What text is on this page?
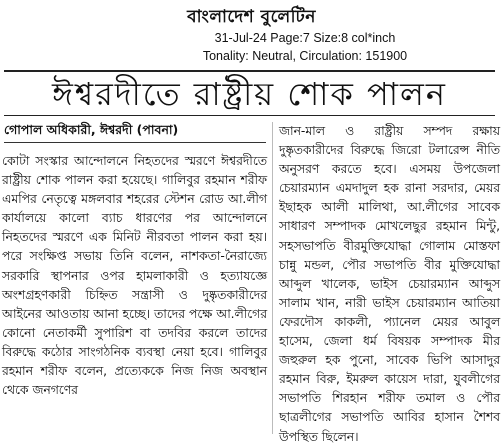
বাংলাদেশ বুলেটিন
31-Jul-24 Page:7 Size:8 col*inch
Tonality: Neutral, Circulation: 151900
ঈশ্বরদীতে রাষ্ট্রীয় শোক পালন
গোপাল অধিকারী, ঈশ্বরদী (পাবনা)

কোটা সংস্কার আন্দোলনে নিহতদের স্মরণে ঈশ্বরদীতে রাষ্ট্রীয় শোক পালন করা হয়েছে। গালিবুর রহমান শরীফ এমপির নেতৃত্বে মঙ্গলবার শহরের স্টেশন রোড আ.লীগ কার্যালয়ে কালো ব্যাচ ধারণের পর আন্দোলনে নিহতদের স্মরণে এক মিনিট নীরবতা পালন করা হয়। পরে সংক্ষিপ্ত সভায় তিনি বলেন, নাশকতা-নৈরাজ্যে সরকারি স্থাপনার ওপর হামলাকারী ও হত্যাযজ্ঞে অংশগ্রহণকারী চিহ্নিত সন্ত্রাসী ও দুষ্কৃতকারীদের আইনের আওতায় আনা হচ্ছে। তাদের পক্ষে আ.লীগের কোনো নেতাকর্মী সুপারিশ বা তদবির করলে তাদের বিরুদ্ধে কঠোর সাংগঠনিক ব্যবস্থা নেয়া হবে। গালিবুর রহমান শরীফ বলেন, প্রত্যেককে নিজ নিজ অবস্থান থেকে জনগণের

জান-মাল ও রাষ্ট্রীয় সম্পদ রক্ষায় দুষ্কৃতকারীদের বিরুদ্ধে জিরো টলারেন্স নীতি অনুসরণ করতে হবে। এসময় উপজেলা চেয়ারম্যান এমদাদুল হক রানা সরদার, মেয়র ইছাহক আলী মালিথা, আ.লীগের সাবেক সাধারণ সম্পাদক মোখলেছুর রহমান মিন্টু, সহসভাপতি বীরমুক্তিযোদ্ধা গোলাম মোস্তফা চান্নু মন্ডল, পৌর সভাপতি বীর মুক্তিযোদ্ধা আব্দুল খালেক, ভাইস চেয়ারম্যান আব্দুস সালাম খান, নারী ভাইস চেয়ারম্যান আতিয়া ফেরদৌস কাকলী, প্যানেল মেয়র আবুল হাসেম, জেলা ধর্ম বিষয়ক সম্পাদক মীর জহুরুল হক পুনো, সাবেক ভিপি আসাদুর রহমান বিরু, ইমরুল কায়েস দারা, যুবলীগের সভাপতি শিরহান শরীফ তমাল ও পৌর ছাত্রলীগের সভাপতি আবির হাসান শৈশব উপস্থিত ছিলেন।
